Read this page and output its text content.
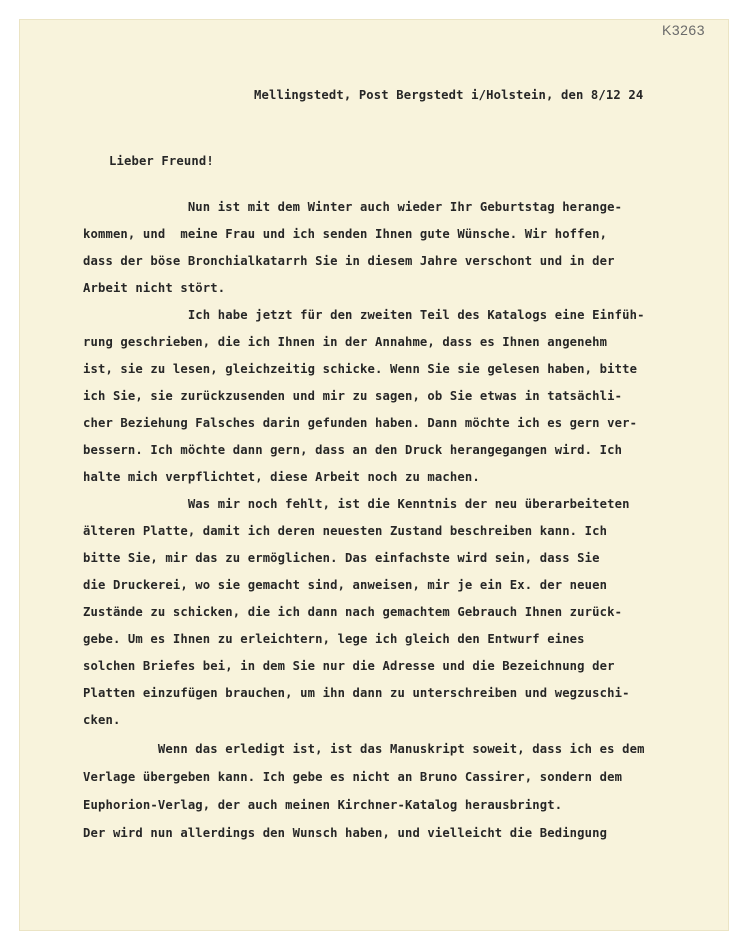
K3263
Mellingstedt, Post Bergstedt i/Holstein, den 8/12 24
Lieber Freund!
Nun ist mit dem Winter auch wieder Ihr Geburtstag herange-
kommen, und  meine Frau und ich senden Ihnen gute Wünsche. Wir hoffen,
dass der böse Bronchialkatarrh Sie in diesem Jahre verschont und in der
Arbeit nicht stört.
Ich habe jetzt für den zweiten Teil des Katalogs eine Einfüh-
rung geschrieben, die ich Ihnen in der Annahme, dass es Ihnen angenehm
ist, sie zu lesen, gleichzeitig schicke. Wenn Sie sie gelesen haben, bitte
ich Sie, sie zurückzusenden und mir zu sagen, ob Sie etwas in tatsächli-
cher Beziehung Falsches darin gefunden haben. Dann möchte ich es gern ver-
bessern. Ich möchte dann gern, dass an den Druck herangegangen wird. Ich
halte mich verpflichtet, diese Arbeit noch zu machen.
Was mir noch fehlt, ist die Kenntnis der neu überarbeiteten
älteren Platte, damit ich deren neuesten Zustand beschreiben kann. Ich
bitte Sie, mir das zu ermöglichen. Das einfachste wird sein, dass Sie
die Druckerei, wo sie gemacht sind, anweisen, mir je ein Ex. der neuen
Zustände zu schicken, die ich dann nach gemachtem Gebrauch Ihnen zurück-
gebe. Um es Ihnen zu erleichtern, lege ich gleich den Entwurf eines
solchen Briefes bei, in dem Sie nur die Adresse und die Bezeichnung der
Platten einzufügen brauchen, um ihn dann zu unterschreiben und wegzuschi-
cken.
Wenn das erledigt ist, ist das Manuskript soweit, dass ich es dem
Verlage übergeben kann. Ich gebe es nicht an Bruno Cassirer, sondern dem
Euphorion-Verlag, der auch meinen Kirchner-Katalog herausbringt.
Der wird nun allerdings den Wunsch haben, und vielleicht die Bedingung
